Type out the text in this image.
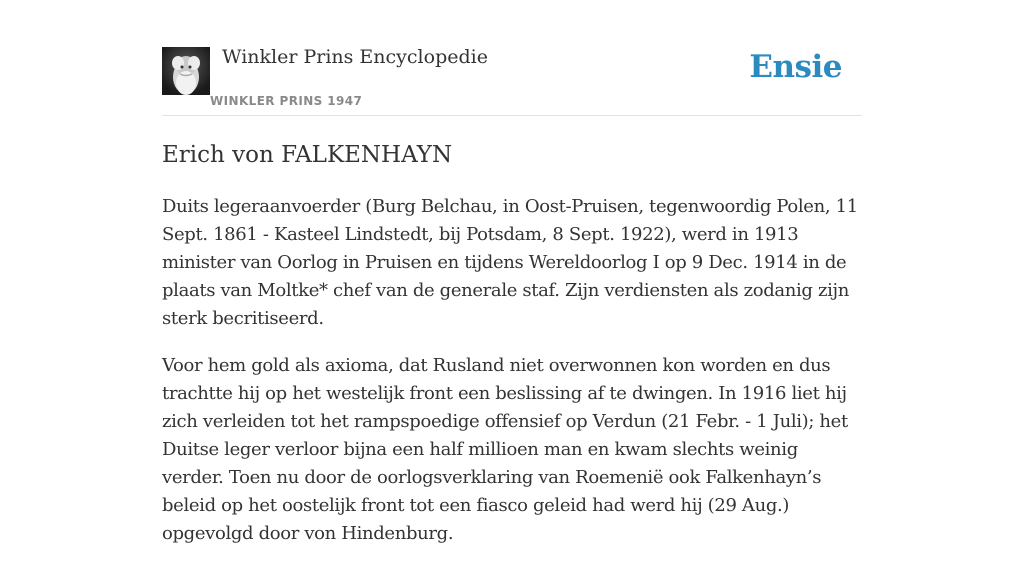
Winkler Prins Encyclopedie
WINKLER PRINS 1947
Ensie
Erich von FALKENHAYN

Duits legeraanvoerder (Burg Belchau, in Oost-Pruisen, tegenwoordig Polen, 11 Sept. 1861 - Kasteel Lindstedt, bij Potsdam, 8 Sept. 1922), werd in 1913 minister van Oorlog in Pruisen en tijdens Wereldoorlog I op 9 Dec. 1914 in de plaats van Moltke* chef van de generale staf. Zijn verdiensten als zodanig zijn sterk becritiseerd.

Voor hem gold als axioma, dat Rusland niet overwonnen kon worden en dus trachtte hij op het westelijk front een beslissing af te dwingen. In 1916 liet hij zich verleiden tot het rampspoedige offensief op Verdun (21 Febr. - 1 Juli); het Duitse leger verloor bijna een half millioen man en kwam slechts weinig verder. Toen nu door de oorlogsverklaring van Roemenië ook Falkenhayn’s beleid op het oostelijk front tot een fiasco geleid had werd hij (29 Aug.) opgevolgd door von Hindenburg.
